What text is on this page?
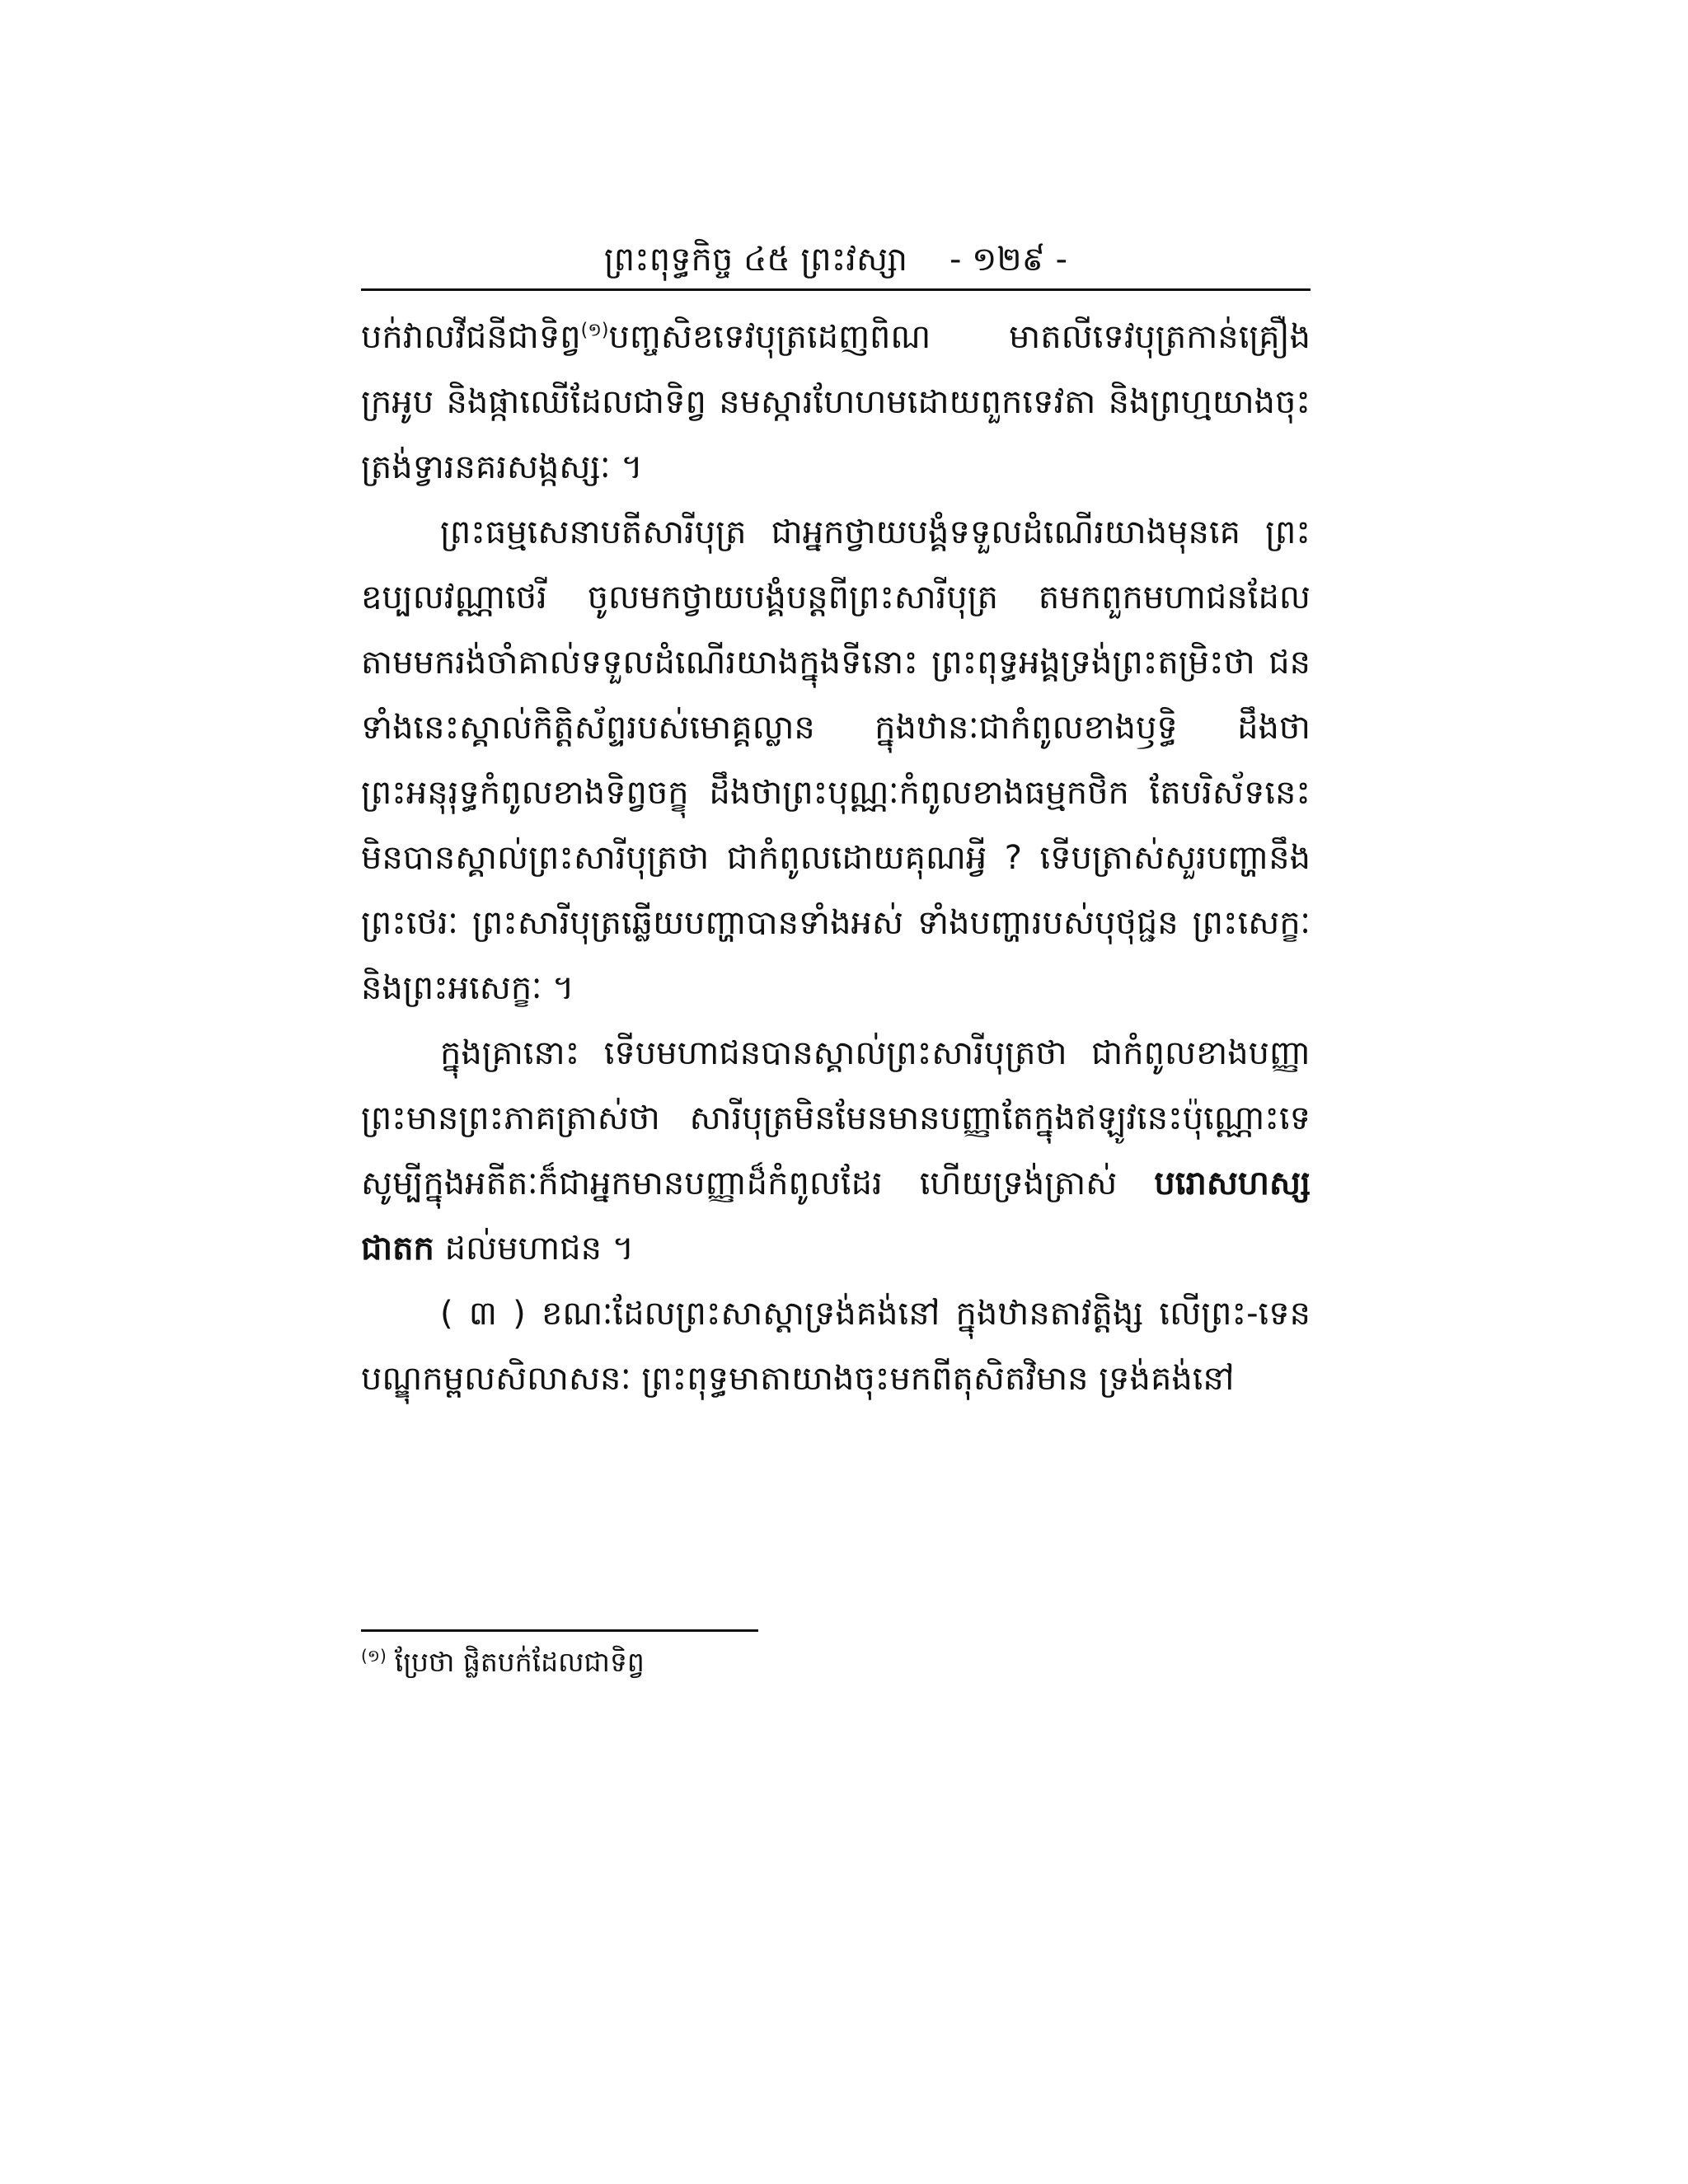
ព្រះពុទ្ធកិច្ច ៤៥ ព្រះវស្សា - ១២៩ -

បក់វាលវីជនីជាទិព្វ$^{(១)}$បញ្ចសិខទេវបុត្រដេញពិណ មាតលីទេវបុត្រកាន់គ្រឿងក្រអូប និងផ្កាឈើដែលជាទិព្វ នមស្ការហែហមដោយពួកទេវតា និងព្រហ្មយាងចុះត្រង់ទ្វារនគរសង្កស្សៈ ។

ព្រះធម្មសេនាបតីសារីបុត្រ ជាអ្នកថ្វាយបង្គំទទួលដំណើរយាងមុនគេ ព្រះឧប្បលវណ្ណាថេរី ចូលមកថ្វាយបង្គំបន្តពីព្រះសារីបុត្រ តមកពួកមហាជនដែលតាមមករង់ចាំគាល់ទទួលដំណើរយាងក្នុងទីនោះ ព្រះពុទ្ធអង្គទ្រង់ព្រះតម្រិះថា ជនទាំងនេះស្គាល់កិត្តិស័ព្ទរបស់មោគ្គល្លាន ក្នុងឋានៈជាកំពូលខាងឫទ្ធិ ដឹងថាព្រះអនុរុទ្ធកំពូលខាងទិព្វចក្ខុ ដឹងថាព្រះបុណ្ណៈកំពូលខាងធម្មកថិក តែបរិស័ទនេះមិនបានស្គាល់ព្រះសារីបុត្រថា ជាកំពូលដោយគុណអ្វី ? ទើបត្រាស់សួរបញ្ហានឹងព្រះថេរៈ ព្រះសារីបុត្រឆ្លើយបញ្ហាបានទាំងអស់ ទាំងបញ្ហារបស់បុថុជ្ជន ព្រះសេក្ខៈ និងព្រះអសេក្ខៈ ។

ក្នុងគ្រានោះ ទើបមហាជនបានស្គាល់ព្រះសារីបុត្រថា ជាកំពូលខាងបញ្ញា ព្រះមានព្រះភាគត្រាស់ថា សារីបុត្រមិនមែនមានបញ្ញាតែក្នុងឥឡូវនេះប៉ុណ្ណោះទេ សូម្បីក្នុងអតីតៈក៏ជាអ្នកមានបញ្ញាដ៏កំពូលដែរ ហើយទ្រង់ត្រាស់ បរោសហស្សជាតក ដល់មហាជន ។

( ៣ ) ខណៈដែលព្រះសាស្តាទ្រង់គង់នៅ ក្នុងឋានតាវត្តិង្ស លើព្រះ-ទេនបណ្ឌុកម្ពលសិលាសនៈ ព្រះពុទ្ធមាតាយាងចុះមកពីតុសិតវិមាន ទ្រង់គង់នៅ

$^{(១)}$ ប្រែថា ផ្លិតបក់ដែលជាទិព្វ
